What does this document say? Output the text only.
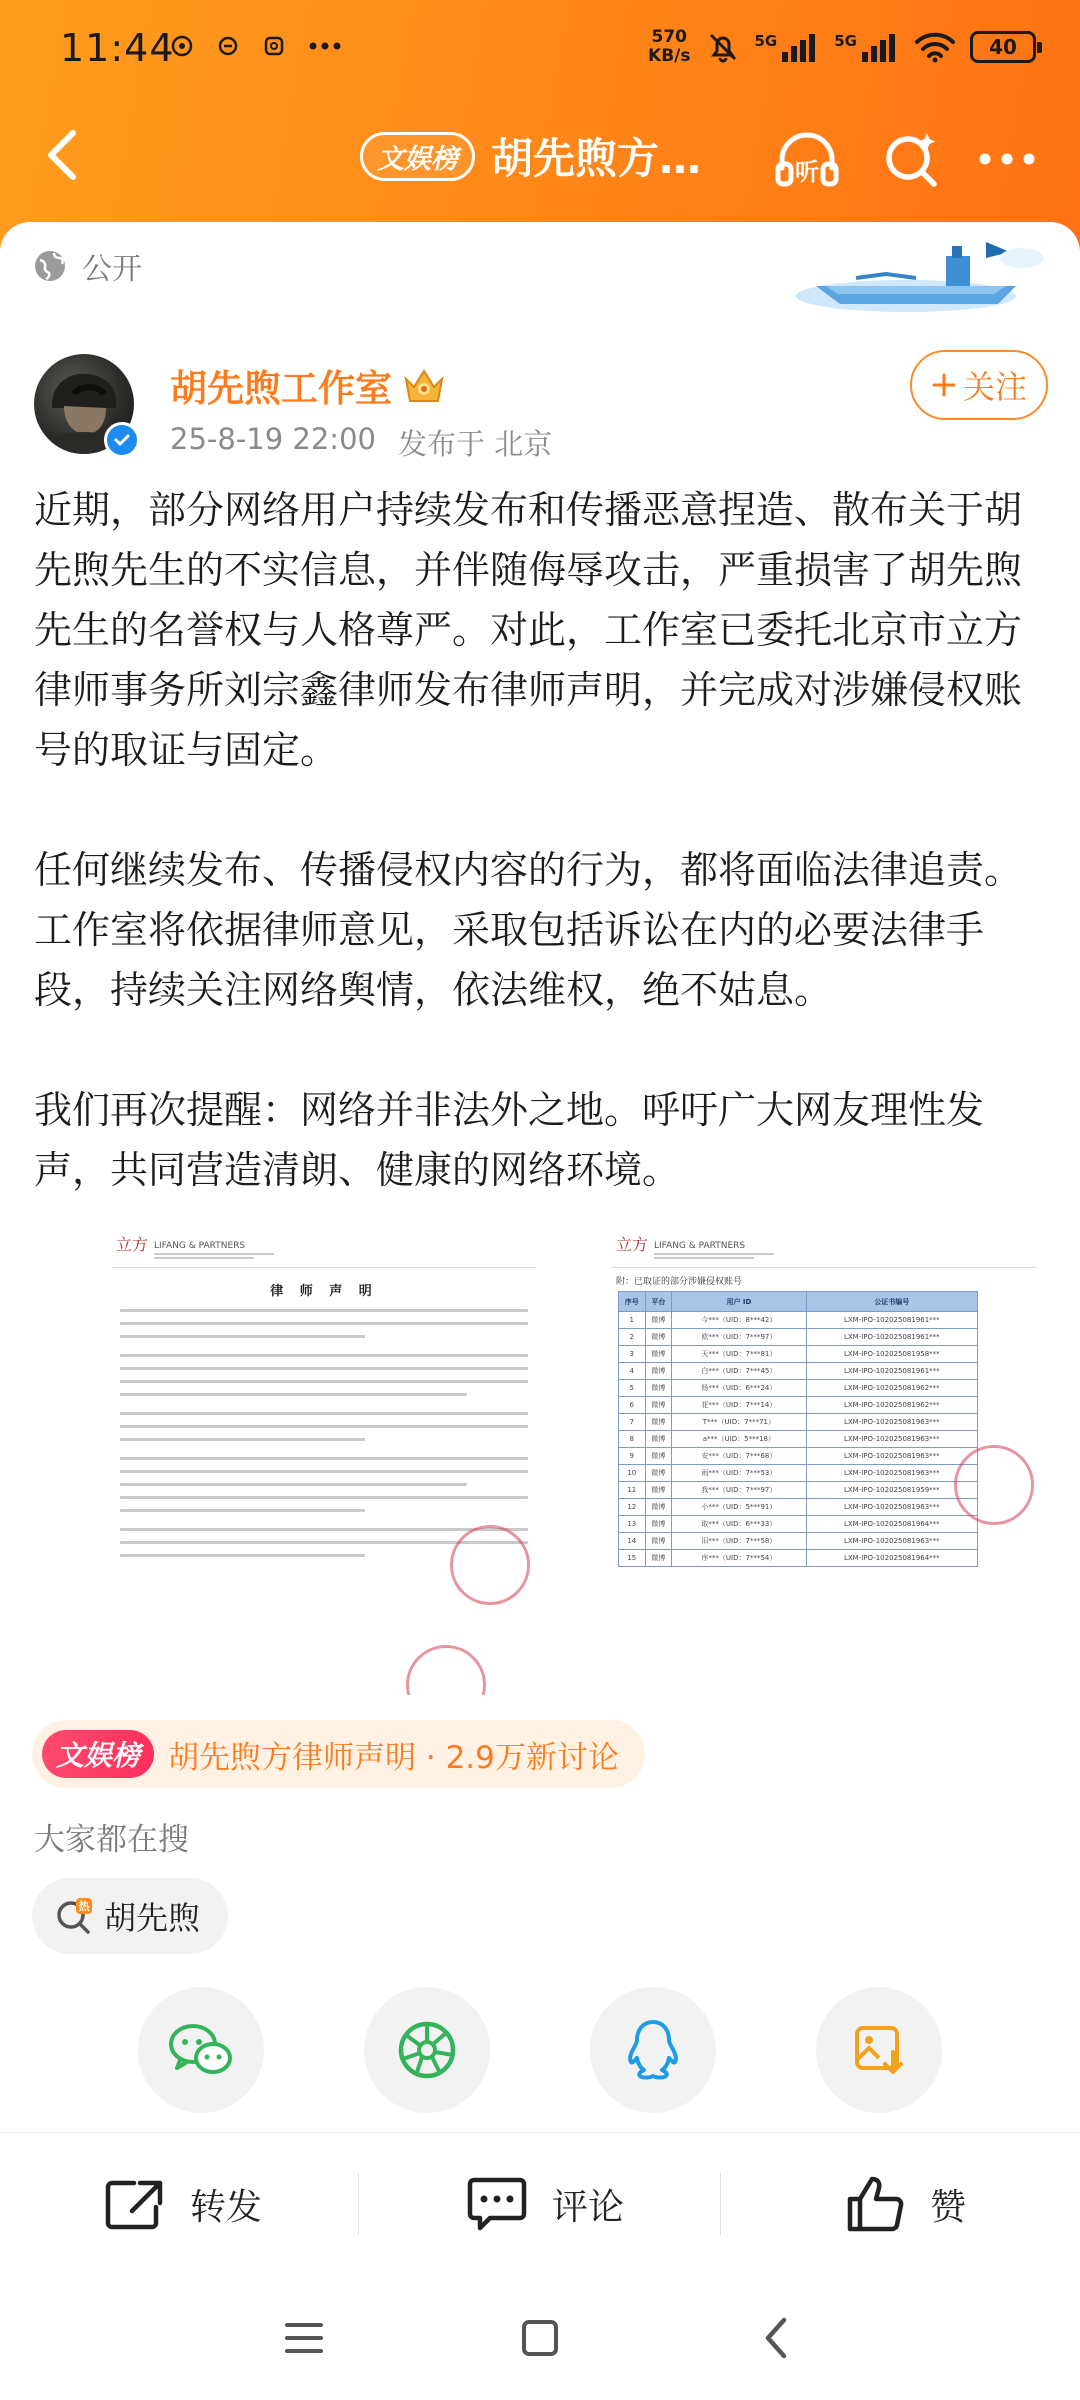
11:44	570
KB/s
5G	5G	40
文娱榜 胡先煦方…	听
公开
胡先煦工作室
25-8-19 22:00 发布于 北京
关注

近期，部分网络用户持续发布和传播恶意捏造、散布关于胡先煦先生的不实信息，并伴随侮辱攻击，严重损害了胡先煦先生的名誉权与人格尊严。对此，工作室已委托北京市立方律师事务所刘宗鑫律师发布律师声明，并完成对涉嫌侵权账号的取证与固定。

任何继续发布、传播侵权内容的行为，都将面临法律追责。工作室将依据律师意见，采取包括诉讼在内的必要法律手段，持续关注网络舆情，依法维权，绝不姑息。

我们再次提醒：网络并非法外之地。呼吁广大网友理性发声，共同营造清朗、健康的网络环境。

立方 LIFANG & PARTNERS
律 师 声 明
立方 LIFANG & PARTNERS
附：已取证的部分涉嫌侵权账号
序号	平台	用户 ID	公证书编号
1	微博	今***（UID：8***42）	LXM-IPO-102025081961***
2	微博	欧***（UID：7***97）	LXM-IPO-102025081961***
3	微博	天***（UID：7***81）	LXM-IPO-102025081958***
4	微博	白***（UID：7***45）	LXM-IPO-102025081961***
5	微博	杨***（UID：6***24）	LXM-IPO-102025081962***
6	微博	花***（UID：7***14）	LXM-IPO-102025081962***
7	微博	T***（UID：7***71）	LXM-IPO-102025081963***
8	微博	a***（UID：5***18）	LXM-IPO-102025081963***
9	微博	安***（UID：7***68）	LXM-IPO-102025081963***
10	微博	雨***（UID：7***53）	LXM-IPO-102025081963***
11	微博	我***（UID：7***97）	LXM-IPO-102025081959***
12	微博	小***（UID：5***91）	LXM-IPO-102025081963***
13	微博	取***（UID：6***33）	LXM-IPO-102025081964***
14	微博	旧***（UID：7***58）	LXM-IPO-102025081963***
15	微博	序***（UID：7***54）	LXM-IPO-102025081964***
文娱榜 胡先煦方律师声明 · 2.9万新讨论
大家都在搜
热 胡先煦
转发	评论	赞
